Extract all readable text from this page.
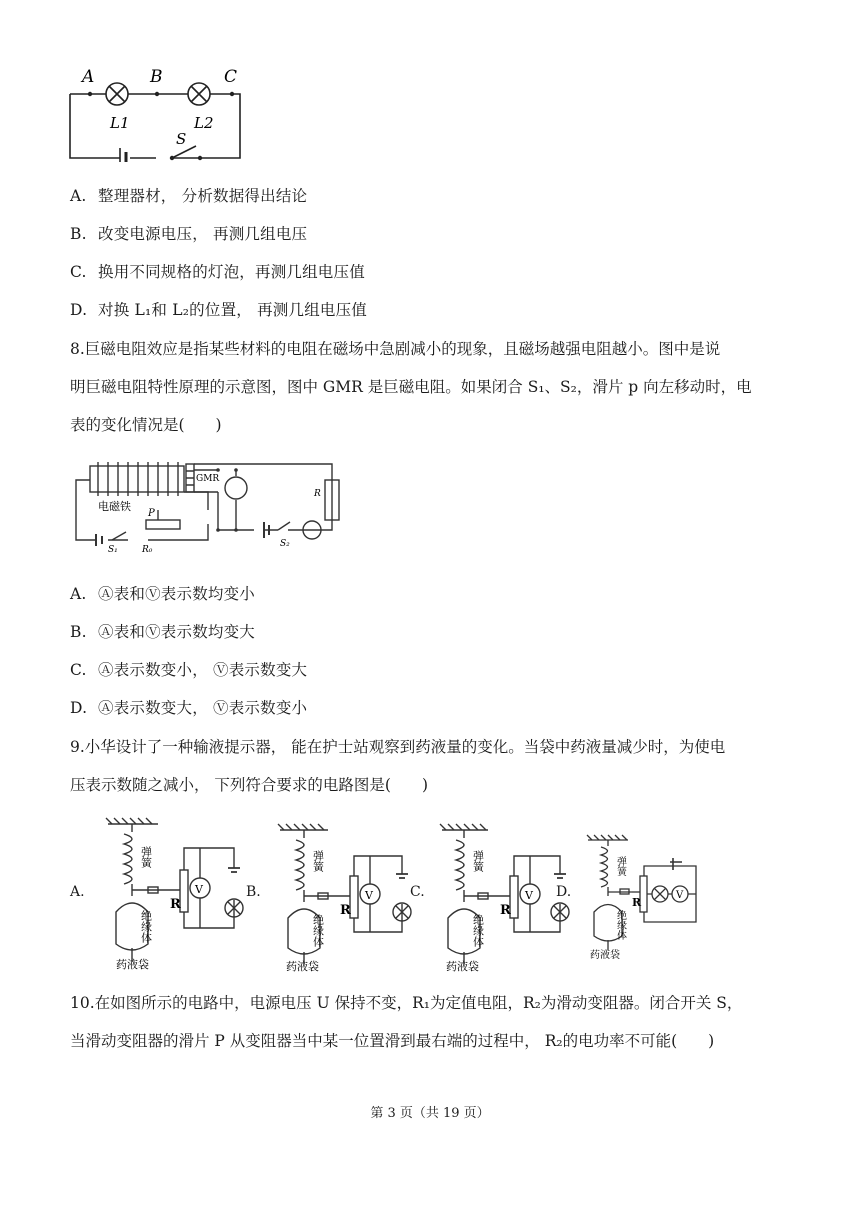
A	B	C
L1	L2
S
A. 整理器材， 分析数据得出结论
B. 改变电源电压， 再测几组电压
C. 换用不同规格的灯泡，再测几组电压值
D. 对换 L₁和 L₂的位置， 再测几组电压值
8.巨磁电阻效应是指某些材料的电阻在磁场中急剧减小的现象，且磁场越强电阻越小。图中是说
明巨磁电阻特性原理的示意图，图中 GMR 是巨磁电阻。如果闭合 S₁、S₂，滑片 p 向左移动时，电
表的变化情况是(　　)
GMR
电磁铁
P
S₁	R₀
R
S₂
A. Ⓐ表和Ⓥ表示数均变小
B. Ⓐ表和Ⓥ表示数均变大
C. Ⓐ表示数变小， Ⓥ表示数变大
D. Ⓐ表示数变大， Ⓥ表示数变小
9.小华设计了一种输液提示器， 能在护士站观察到药液量的变化。当袋中药液量减少时，为使电
压表示数随之减小， 下列符合要求的电路图是(　　)
A.
弹簧
绝缘体
药液袋
R
V	B.
弹簧
绝缘体
药液袋
R
V	C.
弹簧
绝缘体
药液袋
R
V D.
弹簧
绝缘体
药液袋
R
V
10.在如图所示的电路中，电源电压 U 保持不变，R₁为定值电阻，R₂为滑动变阻器。闭合开关 S，
当滑动变阻器的滑片 P 从变阻器当中某一位置滑到最右端的过程中， R₂的电功率不可能(　　)
第 3 页（共 19 页）
